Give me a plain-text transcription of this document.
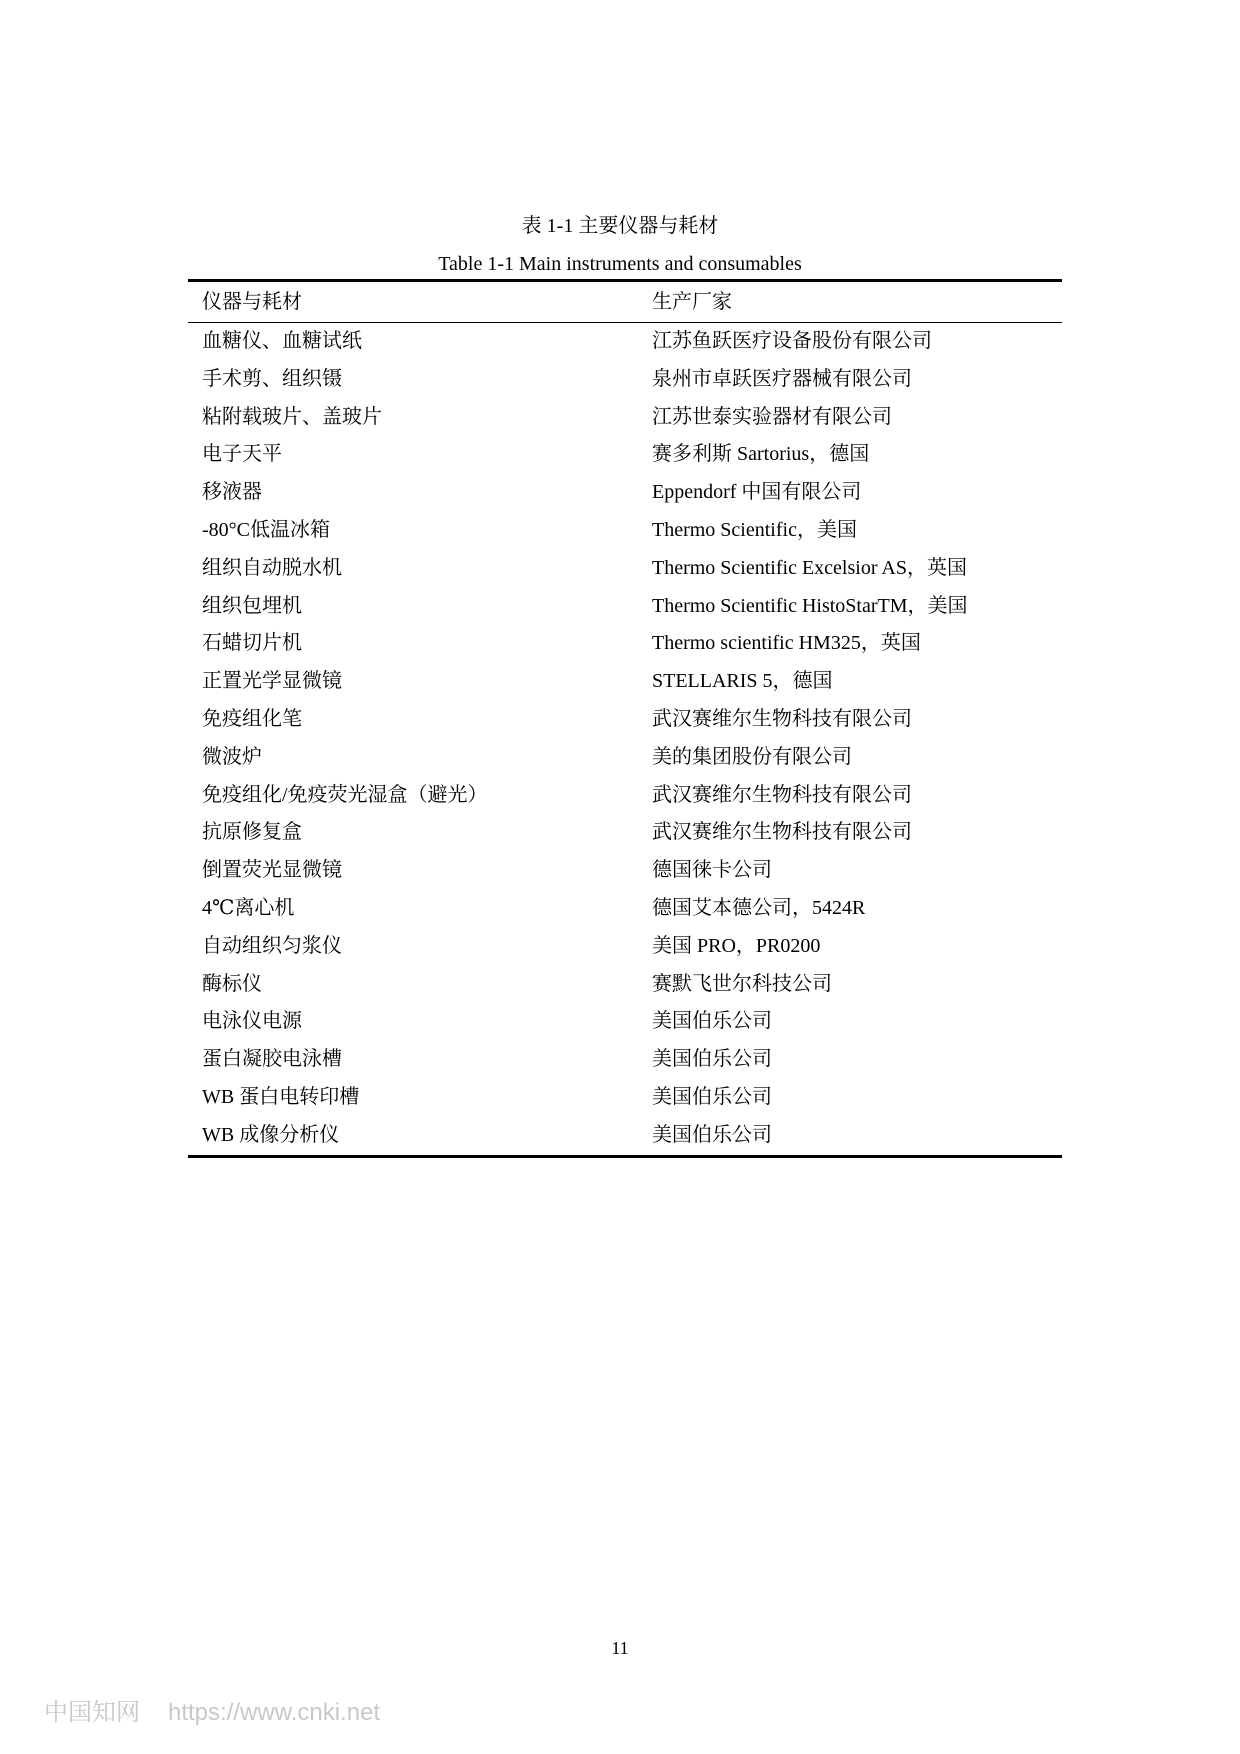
表 1-1 主要仪器与耗材
Table 1-1 Main instruments and consumables
仪器与耗材	生产厂家
血糖仪、血糖试纸	江苏鱼跃医疗设备股份有限公司
手术剪、组织镊	泉州市卓跃医疗器械有限公司
粘附载玻片、盖玻片	江苏世泰实验器材有限公司
电子天平	赛多利斯 Sartorius，德国
移液器	Eppendorf 中国有限公司
-80°C低温冰箱	Thermo Scientific，美国
组织自动脱水机	Thermo Scientific Excelsior AS，英国
组织包埋机	Thermo Scientific HistoStarTM，美国
石蜡切片机	Thermo scientific HM325，英国
正置光学显微镜	STELLARIS 5，德国
免疫组化笔	武汉赛维尔生物科技有限公司
微波炉	美的集团股份有限公司
免疫组化/免疫荧光湿盒（避光）	武汉赛维尔生物科技有限公司
抗原修复盒	武汉赛维尔生物科技有限公司
倒置荧光显微镜	德国徕卡公司
4℃离心机	德国艾本德公司，5424R
自动组织匀浆仪	美国 PRO，PR0200
酶标仪	赛默飞世尔科技公司
电泳仪电源	美国伯乐公司
蛋白凝胶电泳槽	美国伯乐公司
WB 蛋白电转印槽	美国伯乐公司
WB 成像分析仪	美国伯乐公司
11
中国知网 https://www.cnki.net
